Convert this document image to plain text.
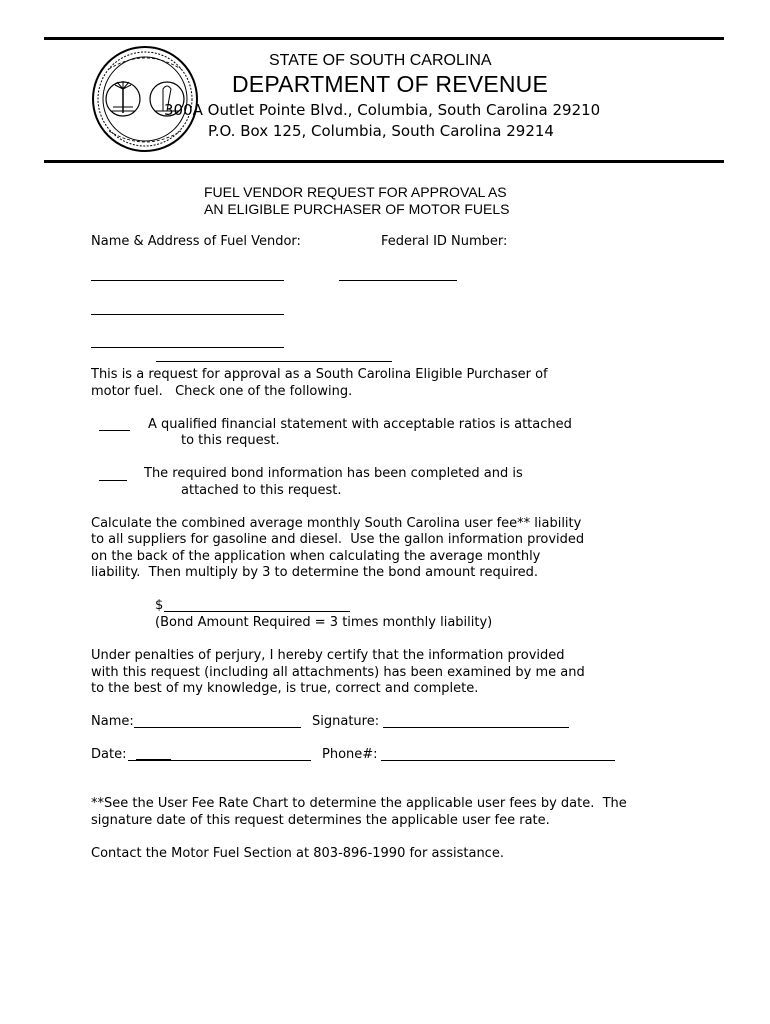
STATE OF SOUTH CAROLINA
DEPARTMENT OF REVENUE
300A Outlet Pointe Blvd., Columbia, South Carolina 29210
P.O. Box 125, Columbia, South Carolina 29214
FUEL VENDOR REQUEST FOR APPROVAL AS
AN ELIGIBLE PURCHASER OF MOTOR FUELS
Name & Address of Fuel Vendor:	Federal ID Number:
This is a request for approval as a South Carolina Eligible Purchaser of
motor fuel.   Check one of the following.
A qualified financial statement with acceptable ratios is attached
to this request.
The required bond information has been completed and is
attached to this request.
Calculate the combined average monthly South Carolina user fee** liability
to all suppliers for gasoline and diesel.  Use the gallon information provided
on the back of the application when calculating the average monthly
liability.  Then multiply by 3 to determine the bond amount required.
$
(Bond Amount Required = 3 times monthly liability)
Under penalties of perjury, I hereby certify that the information provided
with this request (including all attachments) has been examined by me and
to the best of my knowledge, is true, correct and complete.
Name:	Signature:
Date:	Phone#:
**See the User Fee Rate Chart to determine the applicable user fees by date.  The
signature date of this request determines the applicable user fee rate.
Contact the Motor Fuel Section at 803-896-1990 for assistance.
